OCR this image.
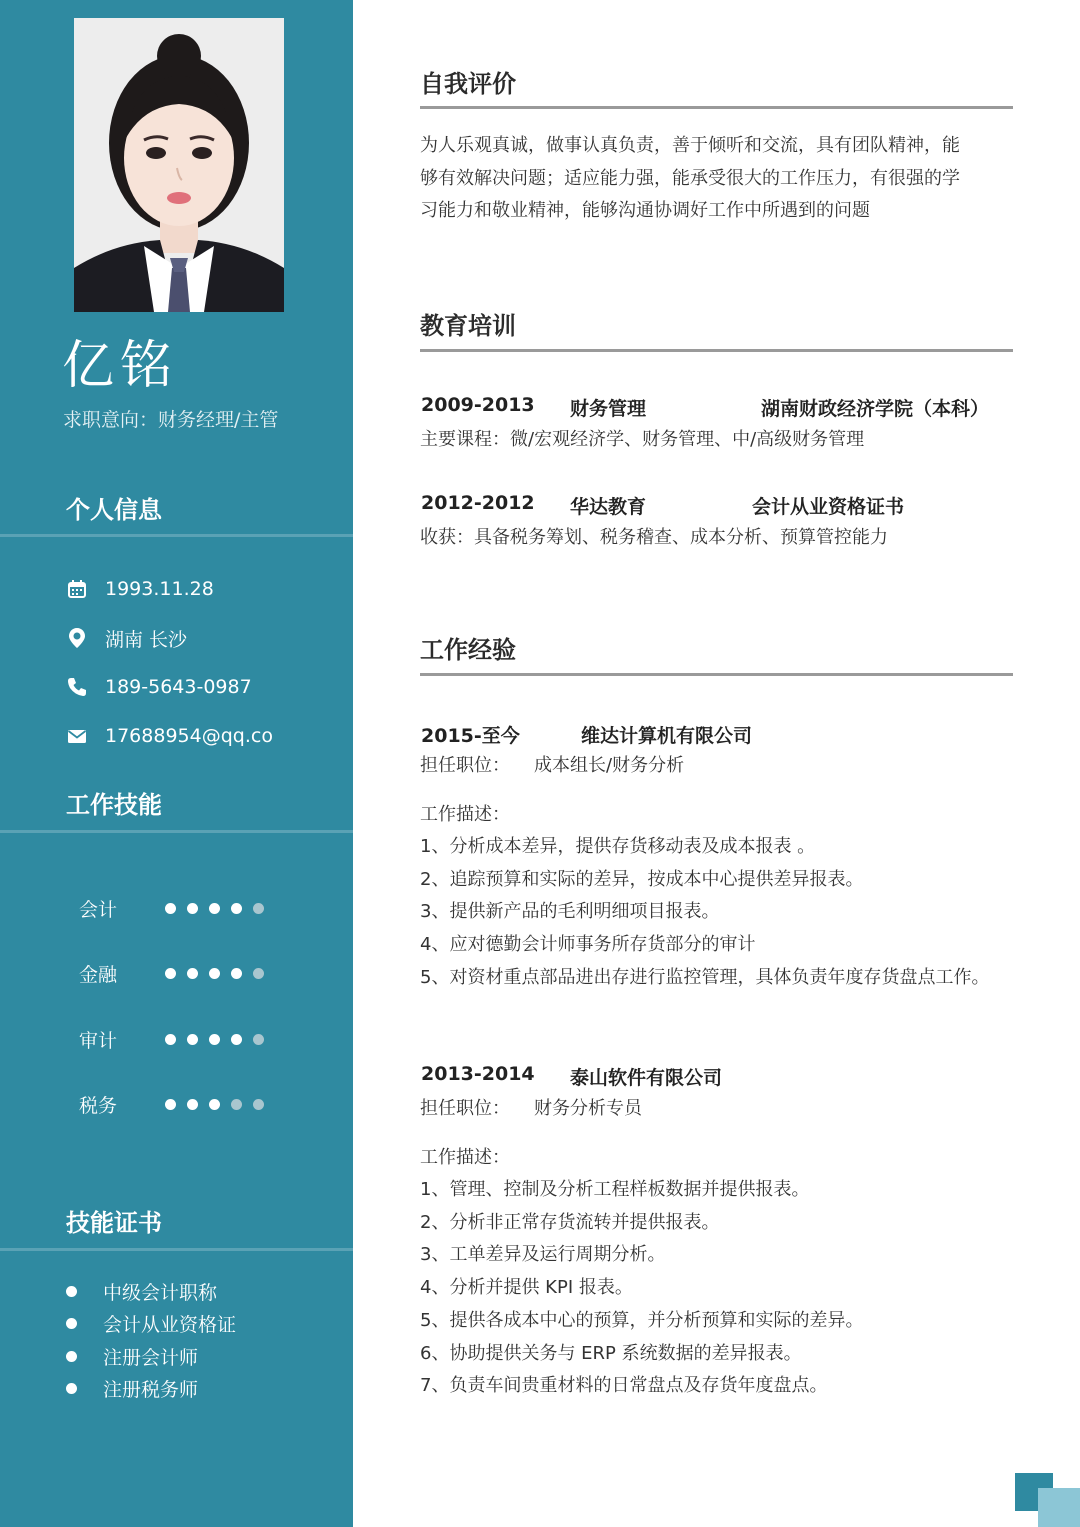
亿铭
求职意向：财务经理/主管
个人信息
1993.11.28
湖南 长沙
189-5643-0987
17688954@qq.co
工作技能
会计
金融
审计
税务
技能证书
中级会计职称
会计从业资格证
注册会计师
注册税务师
自我评价
为人乐观真诚，做事认真负责，善于倾听和交流，具有团队精神，能
够有效解决问题；适应能力强，能承受很大的工作压力，有很强的学
习能力和敬业精神，能够沟通协调好工作中所遇到的问题
教育培训
2009-2013 财务管理	湖南财政经济学院（本科）
主要课程：微/宏观经济学、财务管理、中/高级财务管理
2012-2012 华达教育	会计从业资格证书
收获：具备税务筹划、税务稽查、成本分析、预算管控能力
工作经验
2015-至今	维达计算机有限公司
担任职位： 成本组长/财务分析
工作描述：
1、分析成本差异，提供存货移动表及成本报表 。
2、追踪预算和实际的差异，按成本中心提供差异报表。
3、提供新产品的毛利明细项目报表。
4、应对德勤会计师事务所存货部分的审计
5、对资材重点部品进出存进行监控管理，具体负责年度存货盘点工作。
2013-2014 泰山软件有限公司
担任职位： 财务分析专员
工作描述：
1、管理、控制及分析工程样板数据并提供报表。
2、分析非正常存货流转并提供报表。
3、工单差异及运行周期分析。
4、分析并提供 KPI 报表。
5、提供各成本中心的预算，并分析预算和实际的差异。
6、协助提供关务与 ERP 系统数据的差异报表。
7、负责车间贵重材料的日常盘点及存货年度盘点。
